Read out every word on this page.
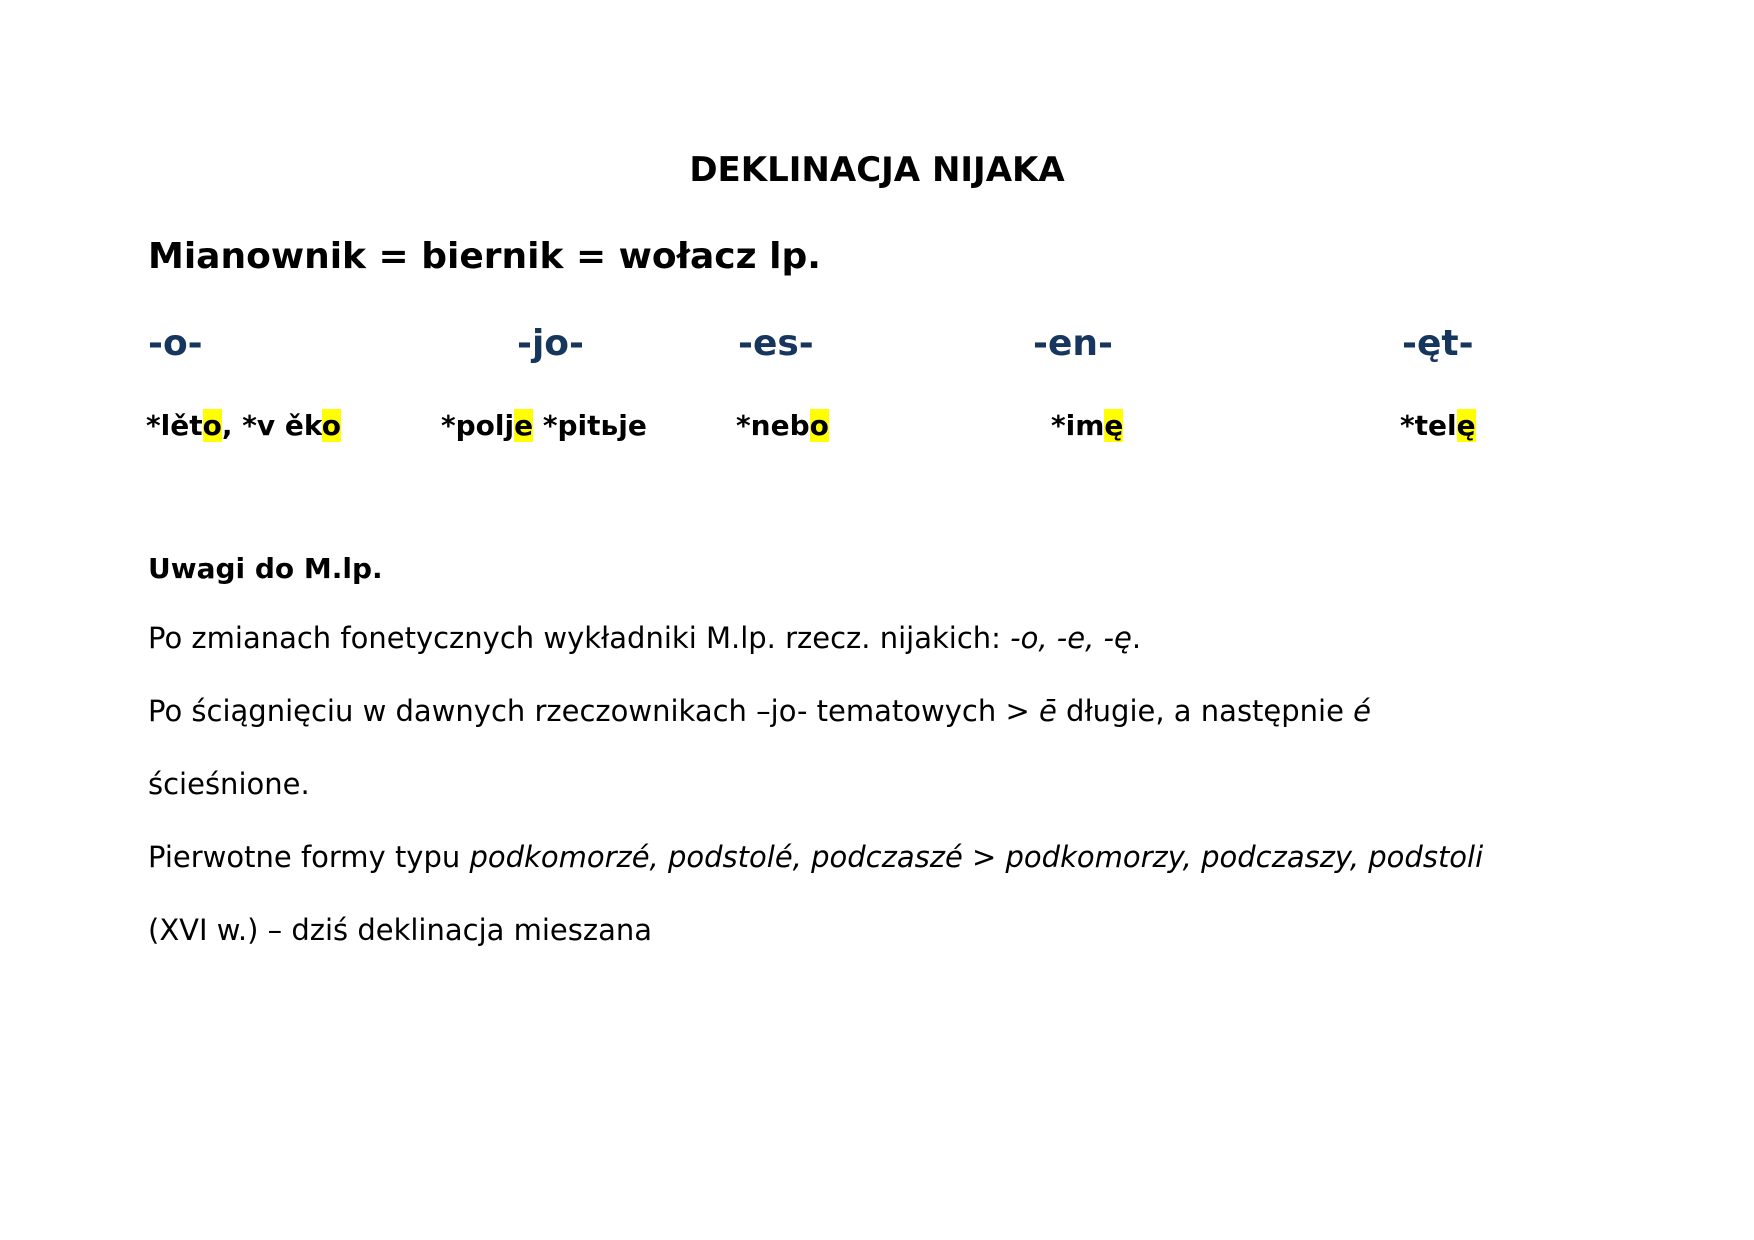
DEKLINACJA NIJAKA
Mianownik = biernik = wołacz lp.
-o-	-jo-	-es-	-en-	-ęt-
*lěto, *v ěko	*polje *pitьje	*nebo	*imę	*telę
Uwagi do M.lp.
Po zmianach fonetycznych wykładniki M.lp. rzecz. nijakich: -o, -e, -ę.
Po ściągnięciu w dawnych rzeczownikach –jo- tematowych > ē długie, a następnie é
ścieśnione.
Pierwotne formy typu podkomorzé, podstolé, podczaszé > podkomorzy, podczaszy, podstoli
(XVI w.) – dziś deklinacja mieszana
